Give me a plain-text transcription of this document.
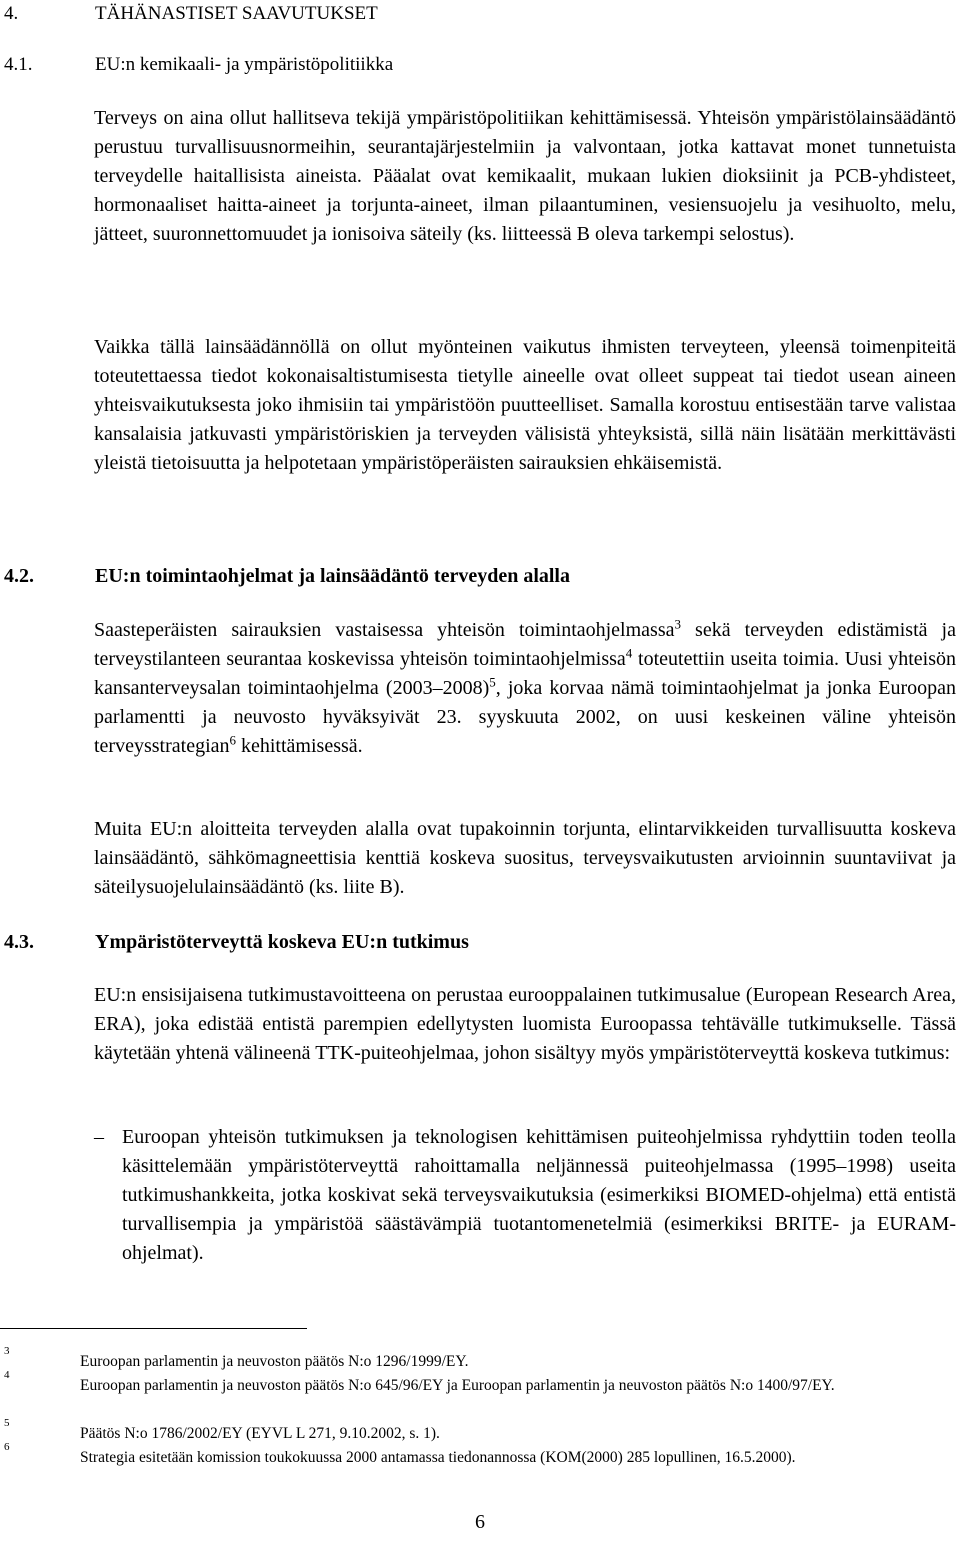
4.	TÄHÄNASTISET SAAVUTUKSET
4.1.	EU:n kemikaali- ja ympäristöpolitiikka

Terveys on aina ollut hallitseva tekijä ympäristöpolitiikan kehittämisessä. Yhteisön ympäristölainsäädäntö perustuu turvallisuusnormeihin, seurantajärjestelmiin ja valvontaan, jotka kattavat monet tunnetuista terveydelle haitallisista aineista. Pääalat ovat kemikaalit, mukaan lukien dioksiinit ja PCB-yhdisteet, hormonaaliset haitta-aineet ja torjunta-aineet, ilman pilaantuminen, vesiensuojelu ja vesihuolto, melu, jätteet, suuronnettomuudet ja ionisoiva säteily (ks. liitteessä B oleva tarkempi selostus).

Vaikka tällä lainsäädännöllä on ollut myönteinen vaikutus ihmisten terveyteen, yleensä toimenpiteitä toteutettaessa tiedot kokonaisaltistumisesta tietylle aineelle ovat olleet suppeat tai tiedot usean aineen yhteisvaikutuksesta joko ihmisiin tai ympäristöön puutteelliset. Samalla korostuu entisestään tarve valistaa kansalaisia jatkuvasti ympäristöriskien ja terveyden välisistä yhteyksistä, sillä näin lisätään merkittävästi yleistä tietoisuutta ja helpotetaan ympäristöperäisten sairauksien ehkäisemistä.

4.2.	EU:n toimintaohjelmat ja lainsäädäntö terveyden alalla

Saasteperäisten sairauksien vastaisessa yhteisön toimintaohjelmassa$^3$ sekä terveyden edistämistä ja terveystilanteen seurantaa koskevissa yhteisön toimintaohjelmissa$^4$ toteutettiin useita toimia. Uusi yhteisön kansanterveysalan toimintaohjelma (2003–2008)$^5$, joka korvaa nämä toimintaohjelmat ja jonka Euroopan parlamentti ja neuvosto hyväksyivät 23. syyskuuta 2002, on uusi keskeinen väline yhteisön terveysstrategian$^6$ kehittämisessä.

Muita EU:n aloitteita terveyden alalla ovat tupakoinnin torjunta, elintarvikkeiden turvallisuutta koskeva lainsäädäntö, sähkömagneettisia kenttiä koskeva suositus, terveysvaikutusten arvioinnin suuntaviivat ja säteilysuojelulainsäädäntö (ks. liite B).

4.3.	Ympäristöterveyttä koskeva EU:n tutkimus

EU:n ensisijaisena tutkimustavoitteena on perustaa eurooppalainen tutkimusalue (European Research Area, ERA), joka edistää entistä parempien edellytysten luomista Euroopassa tehtävälle tutkimukselle. Tässä käytetään yhtenä välineenä TTK-puiteohjelmaa, johon sisältyy myös ympäristöterveyttä koskeva tutkimus:

– Euroopan yhteisön tutkimuksen ja teknologisen kehittämisen puiteohjelmissa ryhdyttiin toden teolla käsittelemään ympäristöterveyttä rahoittamalla neljännessä puiteohjelmassa (1995–1998) useita tutkimushankkeita, jotka koskivat sekä terveysvaikutuksia (esimerkiksi BIOMED-ohjelma) että entistä turvallisempia ja ympäristöä säästävämpiä tuotantomenetelmiä (esimerkiksi BRITE- ja EURAM-ohjelmat).
3
Euroopan parlamentin ja neuvoston päätös N:o 1296/1999/EY.
4
Euroopan parlamentin ja neuvoston päätös N:o 645/96/EY ja Euroopan parlamentin ja neuvoston päätös N:o 1400/97/EY.
5
Päätös N:o 1786/2002/EY (EYVL L 271, 9.10.2002, s. 1).
6
Strategia esitetään komission toukokuussa 2000 antamassa tiedonannossa (KOM(2000) 285 lopullinen, 16.5.2000).
6
